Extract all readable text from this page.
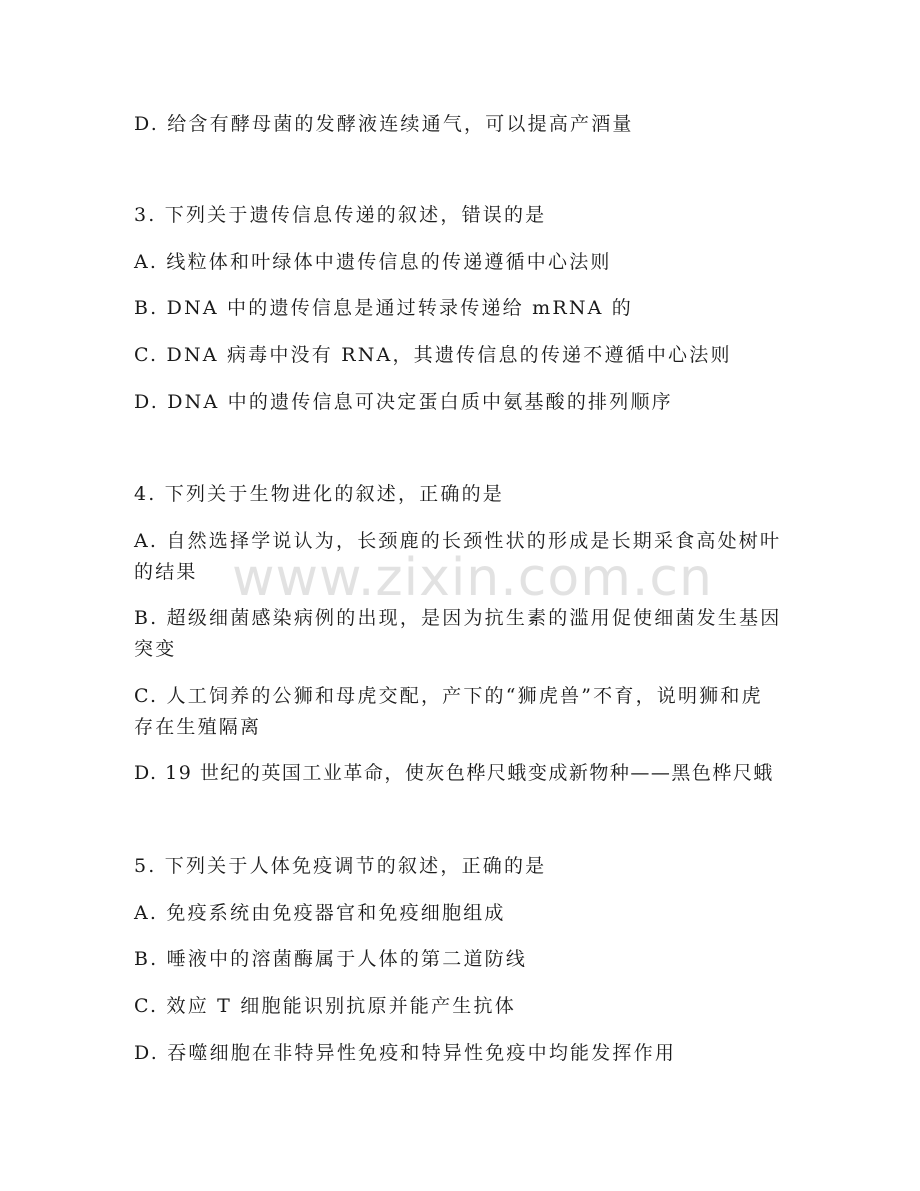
D. 给含有酵母菌的发酵液连续通气，可以提高产酒量
3. 下列关于遗传信息传递的叙述，错误的是
A. 线粒体和叶绿体中遗传信息的传递遵循中心法则
B. DNA 中的遗传信息是通过转录传递给 mRNA 的
C. DNA 病毒中没有 RNA，其遗传信息的传递不遵循中心法则
D. DNA 中的遗传信息可决定蛋白质中氨基酸的排列顺序
4. 下列关于生物进化的叙述，正确的是
A. 自然选择学说认为，长颈鹿的长颈性状的形成是长期采食高处树叶
的结果
B. 超级细菌感染病例的出现，是因为抗生素的滥用促使细菌发生基因
突变
C. 人工饲养的公狮和母虎交配，产下的“狮虎兽”不育，说明狮和虎
存在生殖隔离
D. 19 世纪的英国工业革命，使灰色桦尺蛾变成新物种——黑色桦尺蛾
5. 下列关于人体免疫调节的叙述，正确的是
A. 免疫系统由免疫器官和免疫细胞组成
B. 唾液中的溶菌酶属于人体的第二道防线
C. 效应 T 细胞能识别抗原并能产生抗体
D. 吞噬细胞在非特异性免疫和特异性免疫中均能发挥作用
www.zixin.com.cn
